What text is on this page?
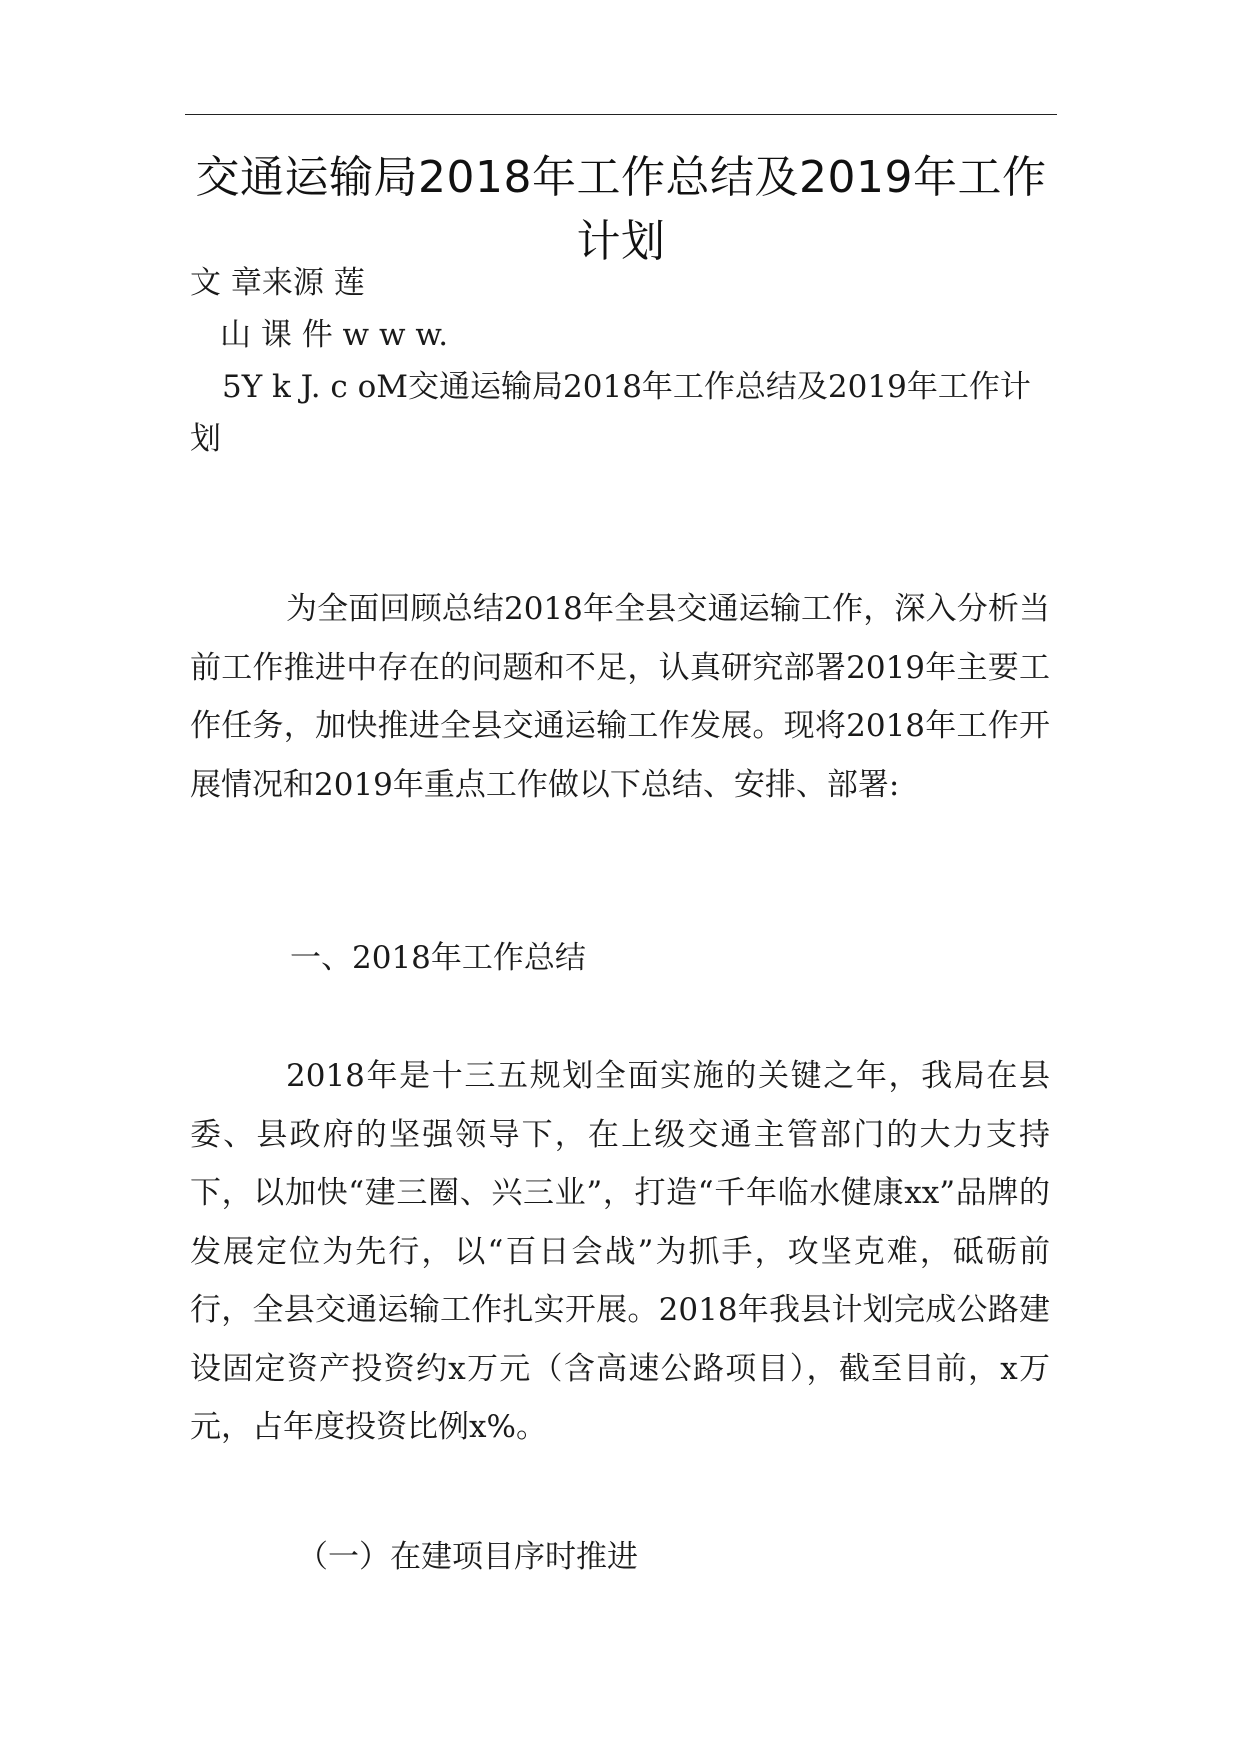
交通运输局2018年工作总结及2019年工作计划
文 章来源 莲
山 课 件 w w w.
5Y k J. c oM交通运输局2018年工作总结及2019年工作计
划
为全面回顾总结2018年全县交通运输工作，深入分析当前工作推进中存在的问题和不足，认真研究部署2019年主要工作任务，加快推进全县交通运输工作发展。现将2018年工作开展情况和2019年重点工作做以下总结、安排、部署:
一、2018年工作总结
2018年是十三五规划全面实施的关键之年，我局在县委、县政府的坚强领导下，在上级交通主管部门的大力支持下，以加快“建三圈、兴三业”，打造“千年临水健康xx”品牌的发展定位为先行，以“百日会战”为抓手，攻坚克难，砥砺前行，全县交通运输工作扎实开展。2018年我县计划完成公路建设固定资产投资约x万元（含高速公路项目），截至目前，x万元，占年度投资比例x%。
（一）在建项目序时推进
